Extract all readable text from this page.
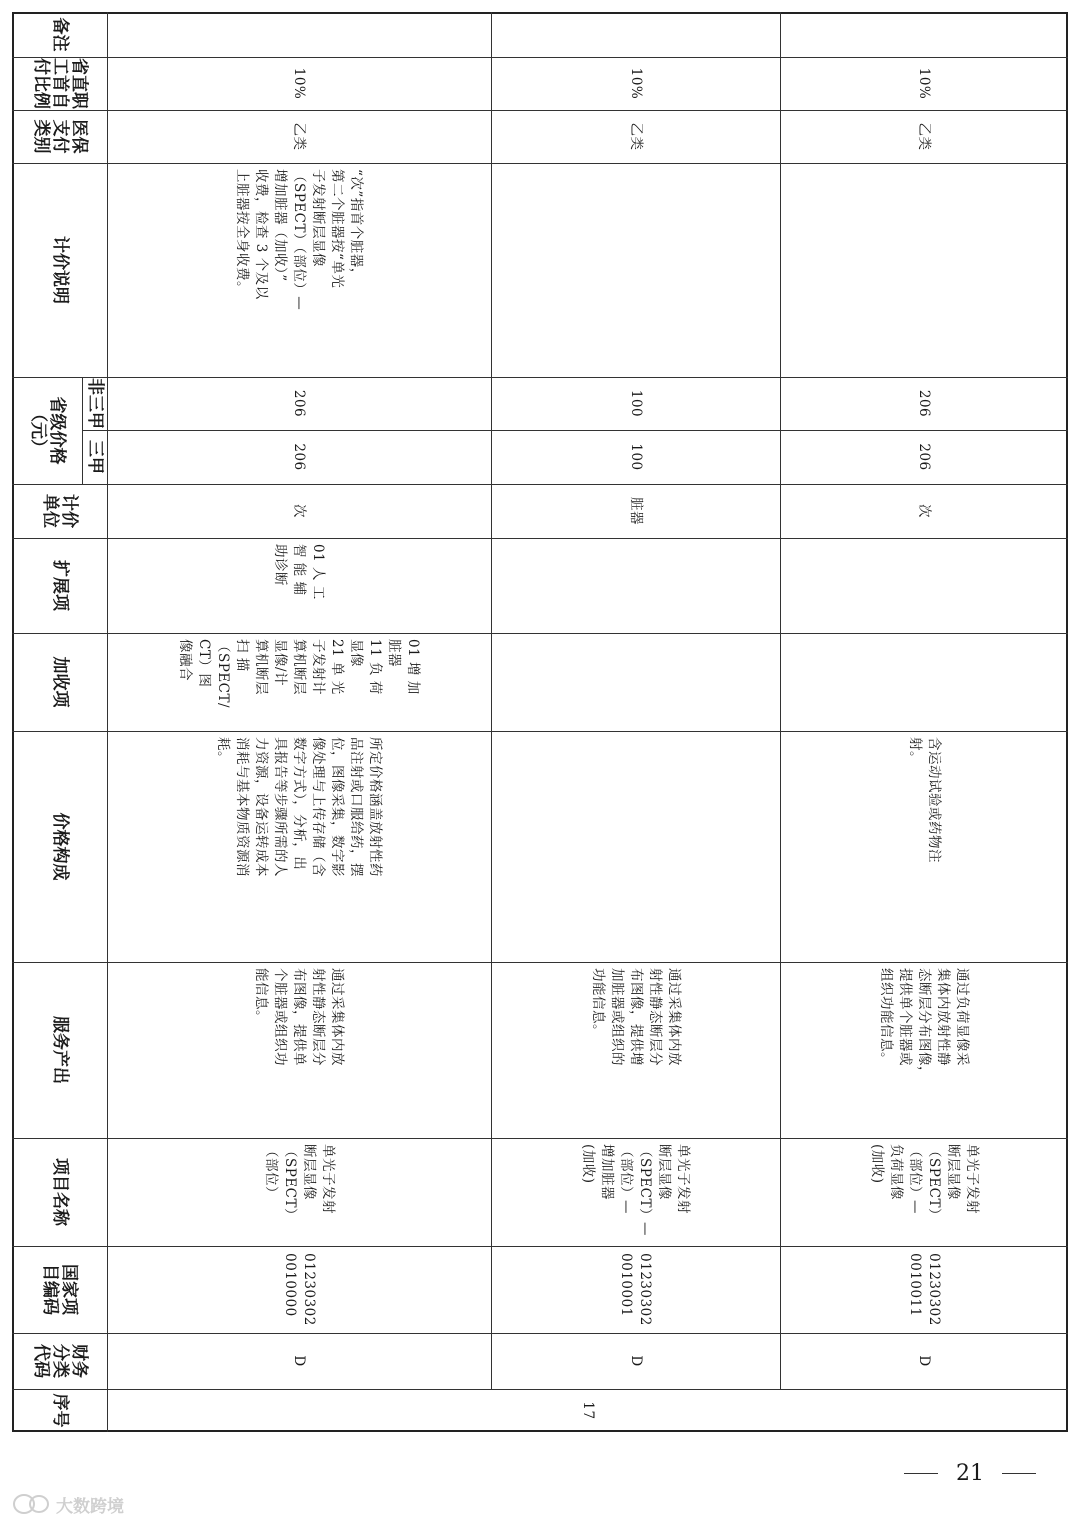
备注
省直职
工首自
付比例
医保
支付
类别
计价说明
省级价格
（元）
非三甲
三甲
计价
单位
扩展项
加收项
价格构成
服务产出
项目名称
国家项
目编码
财务
分类
代码
序号	17
10%
乙类
“次”指首个脏器，
第二个脏器按“单光
子发射断层显像
（SPECT）（部位）—
增加脏器（加收）”
收费，检查 3 个及以
上脏器按全身收费。
206
206
次
01 人 工
智 能 辅
助诊断
01 增 加
脏器
11 负 荷
显像
21 单 光
子发射计
算机断层
显像/计
算机断层
扫 描
（SPECT/
CT）图
像融合
所定价格涵盖放射性药
品注射或口服给药，摆
位，图像采集，数字影
像处理与上传存储（含
数字方式），分析，出
具报告等步骤所需的人
力资源，设备运转成本
消耗与基本物质资源消
耗。
通过采集体内放
射性静态断层分
布图像，提供单
个脏器或组织功
能信息。
单光子发射
断层显像
（SPECT）
（部位）
01230302
0010000
D
10%
乙类
100
100
脏器
通过采集体内放
射性静态断层分
布图像，提供增
加脏器或组织的
功能信息。
单光子发射
断层显像
（SPECT）—
（部位）—
增加脏器
(加收)
01230302
0010001
D
10%
乙类
206
206
次
含运动试验或药物注
射。
通过负荷显像采
集体内放射性静
态断层分布图像，
提供单个脏器或
组织功能信息。
单光子发射
断层显像
（SPECT）
（部位）—
负荷显像
(加收)
01230302
0010011
D
21
大数跨境
